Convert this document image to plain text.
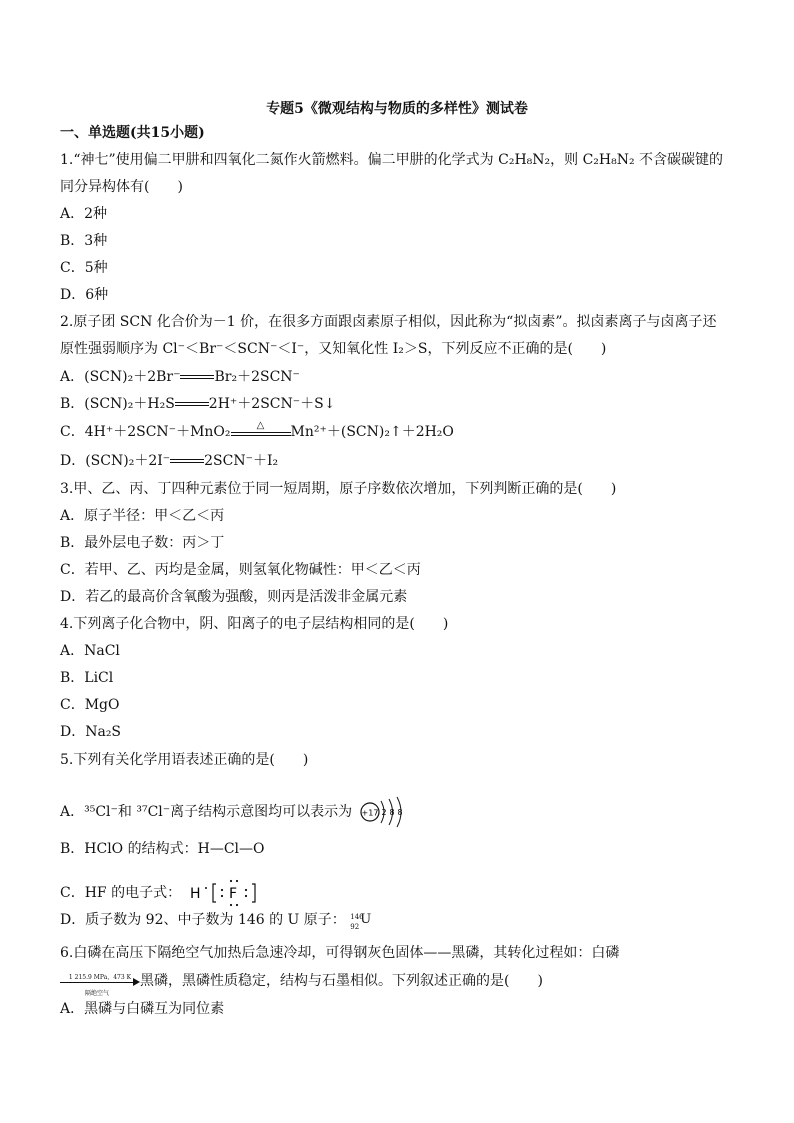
专题5《微观结构与物质的多样性》测试卷
一、单选题(共15小题)
1.“神七”使用偏二甲肼和四氧化二氮作火箭燃料。偏二甲肼的化学式为 C₂H₈N₂，则 C₂H₈N₂ 不含碳碳键的
同分异构体有(　　)
A．2种
B．3种
C．5种
D．6种
2.原子团 SCN 化合价为－1 价，在很多方面跟卤素原子相似，因此称为“拟卤素”。拟卤素离子与卤离子还
原性强弱顺序为 Cl⁻＜Br⁻＜SCN⁻＜I⁻，又知氧化性 I₂＞S，下列反应不正确的是(　　)
A．(SCN)₂＋2Br⁻ Br₂＋2SCN⁻
B．(SCN)₂＋H₂S 2H⁺＋2SCN⁻＋S↓
C．4H⁺＋2SCN⁻＋MnO₂	△	Mn²⁺＋(SCN)₂↑＋2H₂O
D．(SCN)₂＋2I⁻ 2SCN⁻＋I₂
3.甲、乙、丙、丁四种元素位于同一短周期，原子序数依次增加，下列判断正确的是(　　)
A．原子半径：甲＜乙＜丙
B．最外层电子数：丙＞丁
C．若甲、乙、丙均是金属，则氢氧化物碱性：甲＜乙＜丙
D．若乙的最高价含氧酸为强酸，则丙是活泼非金属元素
4.下列离子化合物中，阴、阳离子的电子层结构相同的是(　　)
A．NaCl
B．LiCl
C．MgO
D．Na₂S
5.下列有关化学用语表述正确的是(　　)
A．³⁵Cl⁻和 ³⁷Cl⁻离子结构示意图均可以表示为 +17 2 8 8
B．HClO 的结构式：H—Cl—O
C．HF 的电子式： H F
D．质子数为 92、中子数为 146 的 U 原子： 146
92 U
6.白磷在高压下隔绝空气加热后急速冷却，可得钢灰色固体——黑磷，其转化过程如：白磷
1 215.9 MPa，473 K
隔绝空气
黑磷，黑磷性质稳定，结构与石墨相似。下列叙述正确的是(　　)
A．黑磷与白磷互为同位素
